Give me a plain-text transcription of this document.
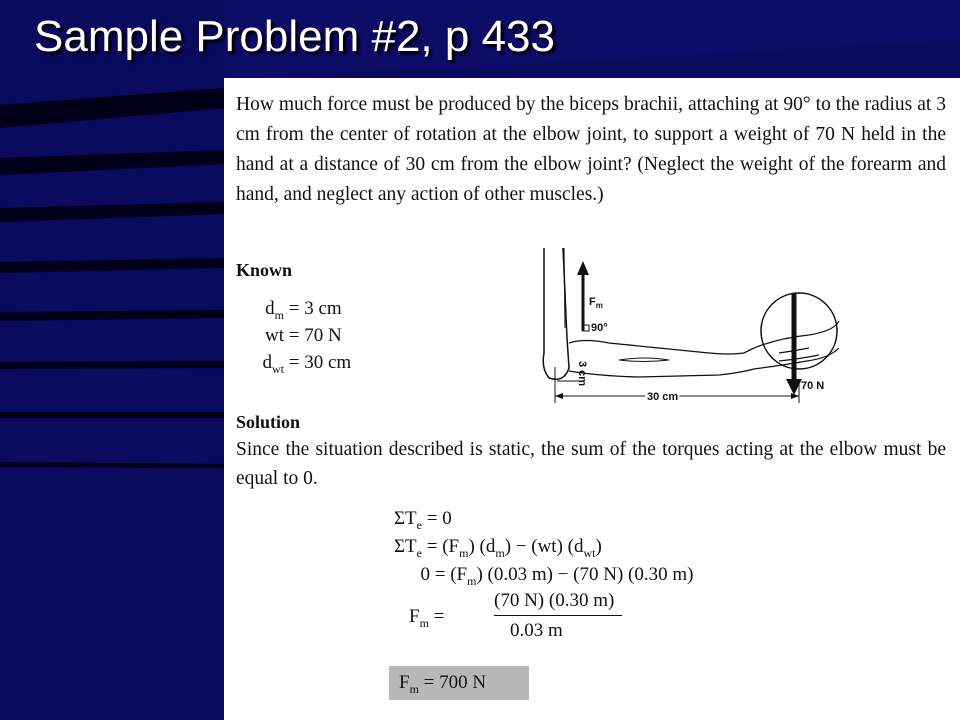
Sample Problem #2, p 433

How much force must be produced by the biceps brachii, attaching at 90° to the radius at 3 cm from the center of rotation at the elbow joint, to support a weight of 70 N held in the hand at a distance of 30 cm from the elbow joint? (Neglect the weight of the forearm and hand, and neglect any action of other muscles.)

Known
$d_m = 3$ cm
wt = 70 N
$d_{wt} = 30$ cm
$F_m$
90°
3 cm
30 cm
70 N
Solution

Since the situation described is static, the sum of the torques acting at the elbow must be equal to 0.

$\Sigma T_e = 0$
$\Sigma T_e = (F_m) (d_m) - (wt)$ $(d_{wt})$
$0 = (F_m)$ (0.03 m) − (70 N) (0.30 m)
(70 N) (0.30 m)
$F_m$ =
0.03 m
$F_m = 700$ N
